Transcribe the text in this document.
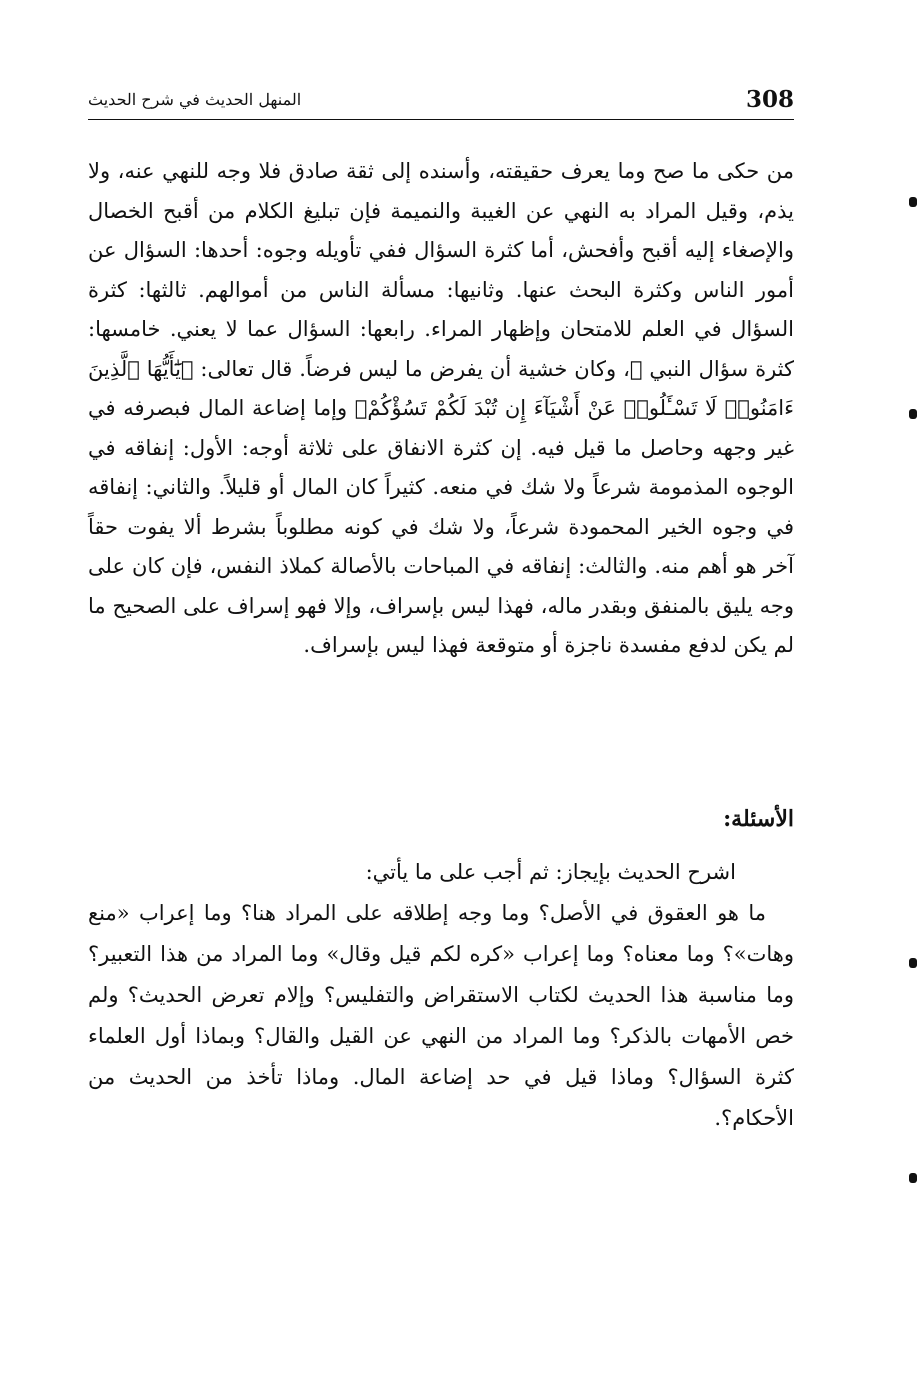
308
المنهل الحديث في شرح الحديث

من حكى ما صح وما يعرف حقيقته، وأسنده إلى ثقة صادق فلا وجه للنهي عنه، ولا يذم، وقيل المراد به النهي عن الغيبة والنميمة فإن تبليغ الكلام من أقبح الخصال والإصغاء إليه أقبح وأفحش، أما كثرة السؤال ففي تأويله وجوه: أحدها: السؤال عن أمور الناس وكثرة البحث عنها. وثانيها: مسألة الناس من أموالهم. ثالثها: كثرة السؤال في العلم للامتحان وإظهار المراء. رابعها: السؤال عما لا يعني. خامسها: كثرة سؤال النبي ﷺ، وكان خشية أن يفرض ما ليس فرضاً. قال تعالى: ﴿يَٰٓأَيُّهَا ٱلَّذِينَ ءَامَنُوا۟ لَا تَسْـَٔلُوا۟ عَنْ أَشْيَآءَ إِن تُبْدَ لَكُمْ تَسُؤْكُمْ﴾ وإما إضاعة المال فبصرفه في غير وجهه وحاصل ما قيل فيه. إن كثرة الانفاق على ثلاثة أوجه: الأول: إنفاقه في الوجوه المذمومة شرعاً ولا شك في منعه. كثيراً كان المال أو قليلاً. والثاني: إنفاقه في وجوه الخير المحمودة شرعاً، ولا شك في كونه مطلوباً بشرط ألا يفوت حقاً آخر هو أهم منه. والثالث: إنفاقه في المباحات بالأصالة كملاذ النفس، فإن كان على وجه يليق بالمنفق وبقدر ماله، فهذا ليس بإسراف، وإلا فهو إسراف على الصحيح ما لم يكن لدفع مفسدة ناجزة أو متوقعة فهذا ليس بإسراف.

الأسئلة:

اشرح الحديث بإيجاز: ثم أجب على ما يأتي:

ما هو العقوق في الأصل؟ وما وجه إطلاقه على المراد هنا؟ وما إعراب «منع وهات»؟ وما معناه؟ وما إعراب «كره لكم قيل وقال» وما المراد من هذا التعبير؟ وما مناسبة هذا الحديث لكتاب الاستقراض والتفليس؟ وإلام تعرض الحديث؟ ولم خص الأمهات بالذكر؟ وما المراد من النهي عن القيل والقال؟ وبماذا أول العلماء كثرة السؤال؟ وماذا قيل في حد إضاعة المال. وماذا تأخذ من الحديث من الأحكام؟.
